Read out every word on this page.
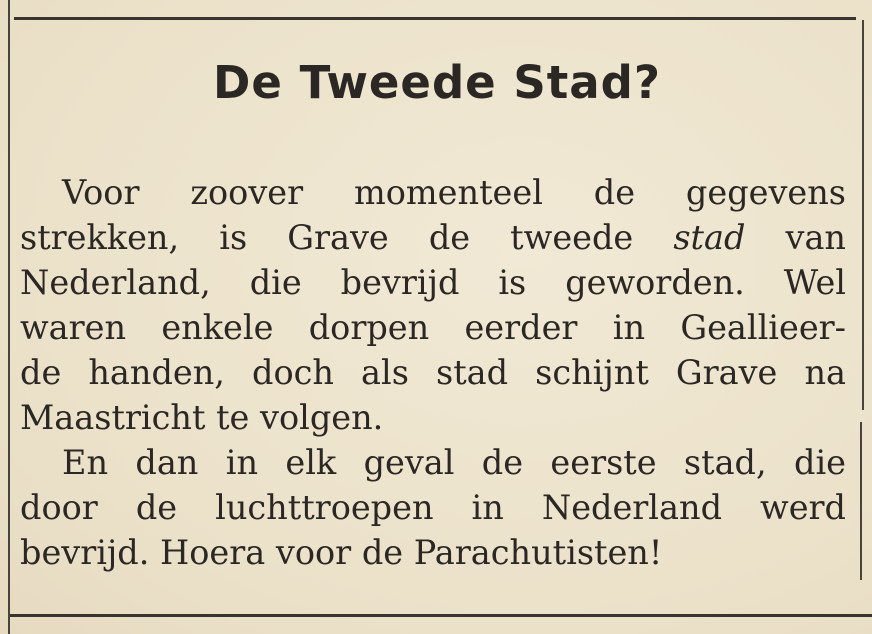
De Tweede Stad?
Voor zoover momenteel de gegevens
strekken, is Grave de tweede stad van
Nederland, die bevrijd is geworden. Wel
waren enkele dorpen eerder in Geallieer-
de handen, doch als stad schijnt Grave na
Maastricht te volgen.
En dan in elk geval de eerste stad, die
door de luchttroepen in Nederland werd
bevrijd. Hoera voor de Parachutisten!
